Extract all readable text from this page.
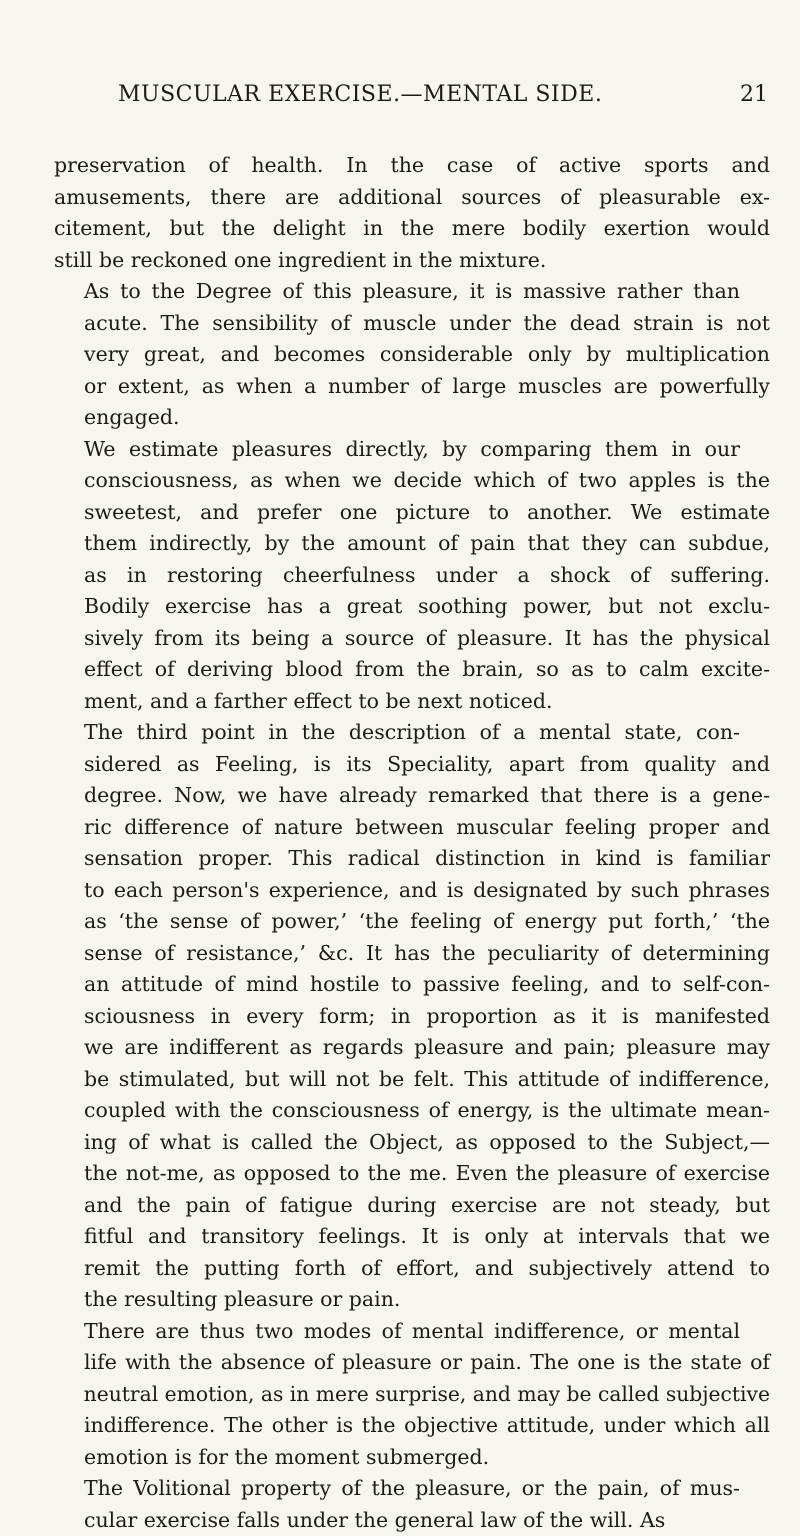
MUSCULAR EXERCISE.—MENTAL SIDE.	21

preservation of health. In the case of active sports and
amusements, there are additional sources of pleasurable ex-
citement, but the delight in the mere bodily exertion would
still be reckoned one ingredient in the mixture.

As to the Degree of this pleasure, it is massive rather than
acute. The sensibility of muscle under the dead strain is not
very great, and becomes considerable only by multiplication
or extent, as when a number of large muscles are powerfully
engaged.

We estimate pleasures directly, by comparing them in our
consciousness, as when we decide which of two apples is the
sweetest, and prefer one picture to another. We estimate
them indirectly, by the amount of pain that they can subdue,
as in restoring cheerfulness under a shock of suffering.
Bodily exercise has a great soothing power, but not exclu-
sively from its being a source of pleasure. It has the physical
effect of deriving blood from the brain, so as to calm excite-
ment, and a farther effect to be next noticed.

The third point in the description of a mental state, con-
sidered as Feeling, is its Speciality, apart from quality and
degree. Now, we have already remarked that there is a gene-
ric difference of nature between muscular feeling proper and
sensation proper. This radical distinction in kind is familiar
to each person's experience, and is designated by such phrases
as ‘the sense of power,’ ‘the feeling of energy put forth,’ ‘the
sense of resistance,’ &c. It has the peculiarity of determining
an attitude of mind hostile to passive feeling, and to self-con-
sciousness in every form; in proportion as it is manifested
we are indifferent as regards pleasure and pain; pleasure may
be stimulated, but will not be felt. This attitude of indifference,
coupled with the consciousness of energy, is the ultimate mean-
ing of what is called the Object, as opposed to the Subject,—
the not-me, as opposed to the me. Even the pleasure of exercise
and the pain of fatigue during exercise are not steady, but
fitful and transitory feelings. It is only at intervals that we
remit the putting forth of effort, and subjectively attend to
the resulting pleasure or pain.

There are thus two modes of mental indifference, or mental
life with the absence of pleasure or pain. The one is the state of
neutral emotion, as in mere surprise, and may be called subjective
indifference. The other is the objective attitude, under which all
emotion is for the moment submerged.

The Volitional property of the pleasure, or the pain, of mus-
cular exercise falls under the general law of the will. As
